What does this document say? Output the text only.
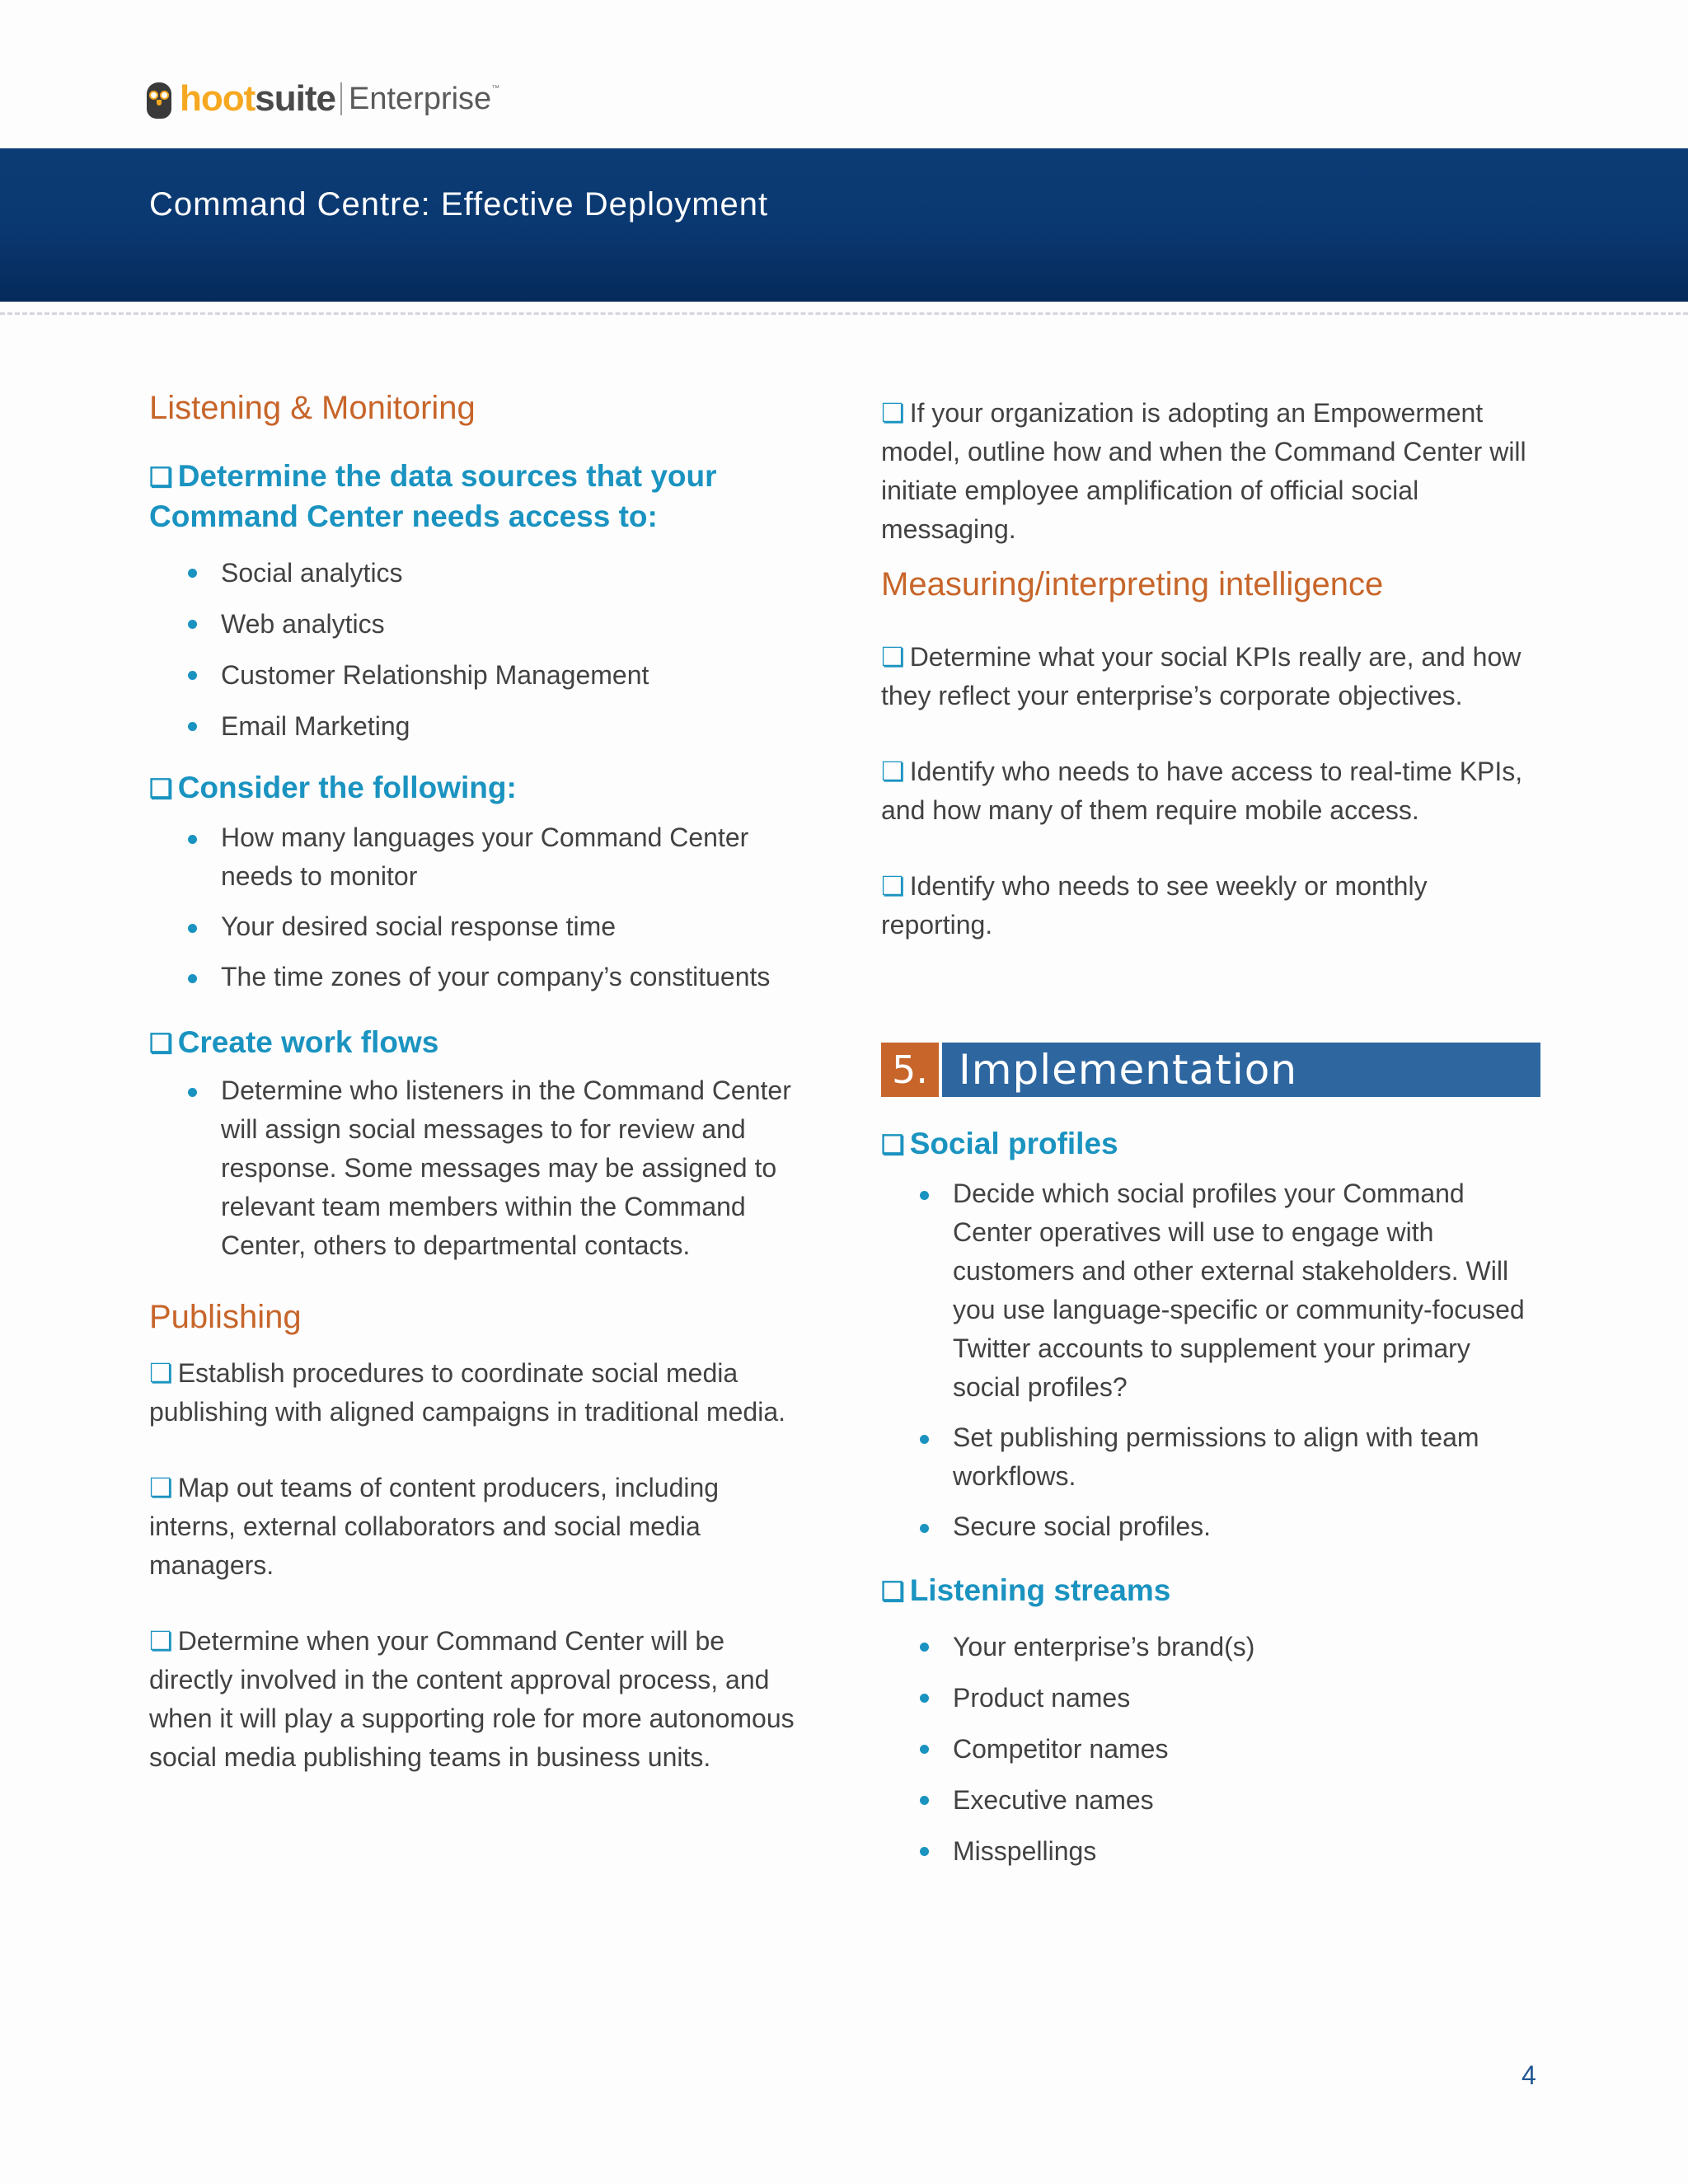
hoot suite Enterprise ™
Command Centre: Effective Deployment
Listening & Monitoring
❏ Determine the data sources that your Command Center needs access to:
Social analytics
Web analytics
Customer Relationship Management
Email Marketing
❏ Consider the following:
How many languages your Command Center needs to monitor
Your desired social response time
The time zones of your company’s constituents
❏ Create work flows
Determine who listeners in the Command Center will assign social messages to for review and response. Some messages may be assigned to relevant team members within the Command Center, others to departmental contacts.
Publishing

❏ Establish procedures to coordinate social media publishing with aligned campaigns in traditional media.

❏ Map out teams of content producers, including interns, external collaborators and social media managers.

❏ Determine when your Command Center will be directly involved in the content approval process, and when it will play a supporting role for more autonomous social media publishing teams in business units.

❏ If your organization is adopting an Empowerment model, outline how and when the Command Center will initiate employee amplification of official social messaging.

Measuring/interpreting intelligence

❏ Determine what your social KPIs really are, and how they reflect your enterprise’s corporate objectives.

❏ Identify who needs to have access to real-time KPIs, and how many of them require mobile access.

❏ Identify who needs to see weekly or monthly reporting.

5. Implementation
❏ Social profiles
Decide which social profiles your Command Center operatives will use to engage with customers and other external stakeholders. Will you use language-specific or community-focused Twitter accounts to supplement your primary social profiles?
Set publishing permissions to align with team workflows.
Secure social profiles.
❏ Listening streams
Your enterprise’s brand(s)
Product names
Competitor names
Executive names
Misspellings
4
